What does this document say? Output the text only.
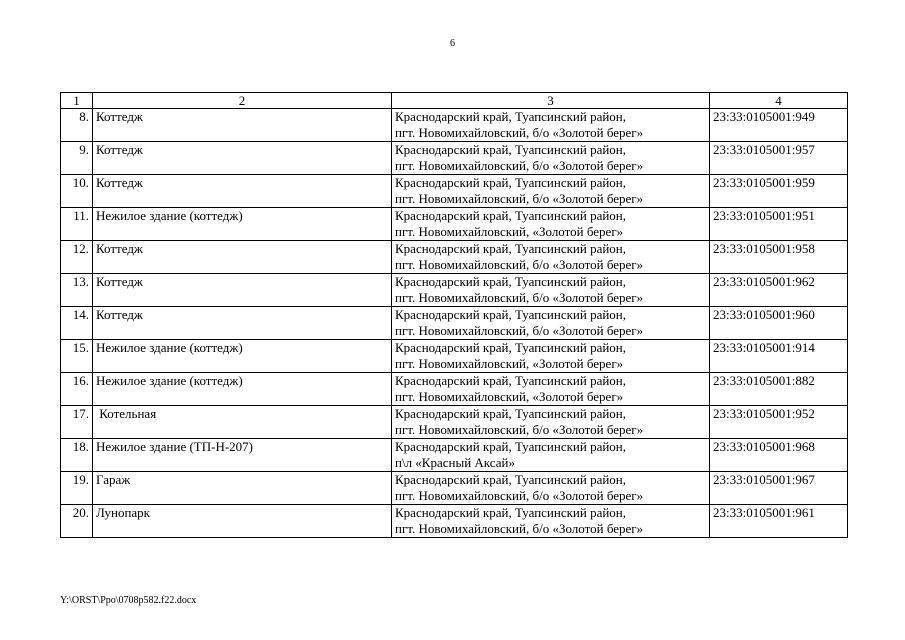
6
1	2	3	4
8.	Коттедж	Краснодарский край, Туапсинский район,
пгт. Новомихайловский, б/о «Золотой берег»	23:33:0105001:949
9.	Коттедж	Краснодарский край, Туапсинский район,
пгт. Новомихайловский, б/о «Золотой берег»	23:33:0105001:957
10.	Коттедж	Краснодарский край, Туапсинский район,
пгт. Новомихайловский, б/о «Золотой берег»	23:33:0105001:959
11.	Нежилое здание (коттедж)	Краснодарский край, Туапсинский район,
пгт. Новомихайловский, «Золотой берег»	23:33:0105001:951
12.	Коттедж	Краснодарский край, Туапсинский район,
пгт. Новомихайловский, б/о «Золотой берег»	23:33:0105001:958
13.	Коттедж	Краснодарский край, Туапсинский район,
пгт. Новомихайловский, б/о «Золотой берег»	23:33:0105001:962
14.	Коттедж	Краснодарский край, Туапсинский район,
пгт. Новомихайловский, б/о «Золотой берег»	23:33:0105001:960
15.	Нежилое здание (коттедж)	Краснодарский край, Туапсинский район,
пгт. Новомихайловский, «Золотой берег»	23:33:0105001:914
16.	Нежилое здание (коттедж)	Краснодарский край, Туапсинский район,
пгт. Новомихайловский, «Золотой берег»	23:33:0105001:882
17.	Котельная	Краснодарский край, Туапсинский район,
пгт. Новомихайловский, б/о «Золотой берег»	23:33:0105001:952
18.	Нежилое здание (ТП-Н-207)	Краснодарский край, Туапсинский район,
п\л «Красный Аксай»	23:33:0105001:968
19.	Гараж	Краснодарский край, Туапсинский район,
пгт. Новомихайловский, б/о «Золотой берег»	23:33:0105001:967
20.	Лунопарк	Краснодарский край, Туапсинский район,
пгт. Новомихайловский, б/о «Золотой берег»	23:33:0105001:961
Y:\ORST\Ppo\0708p582.f22.docx
